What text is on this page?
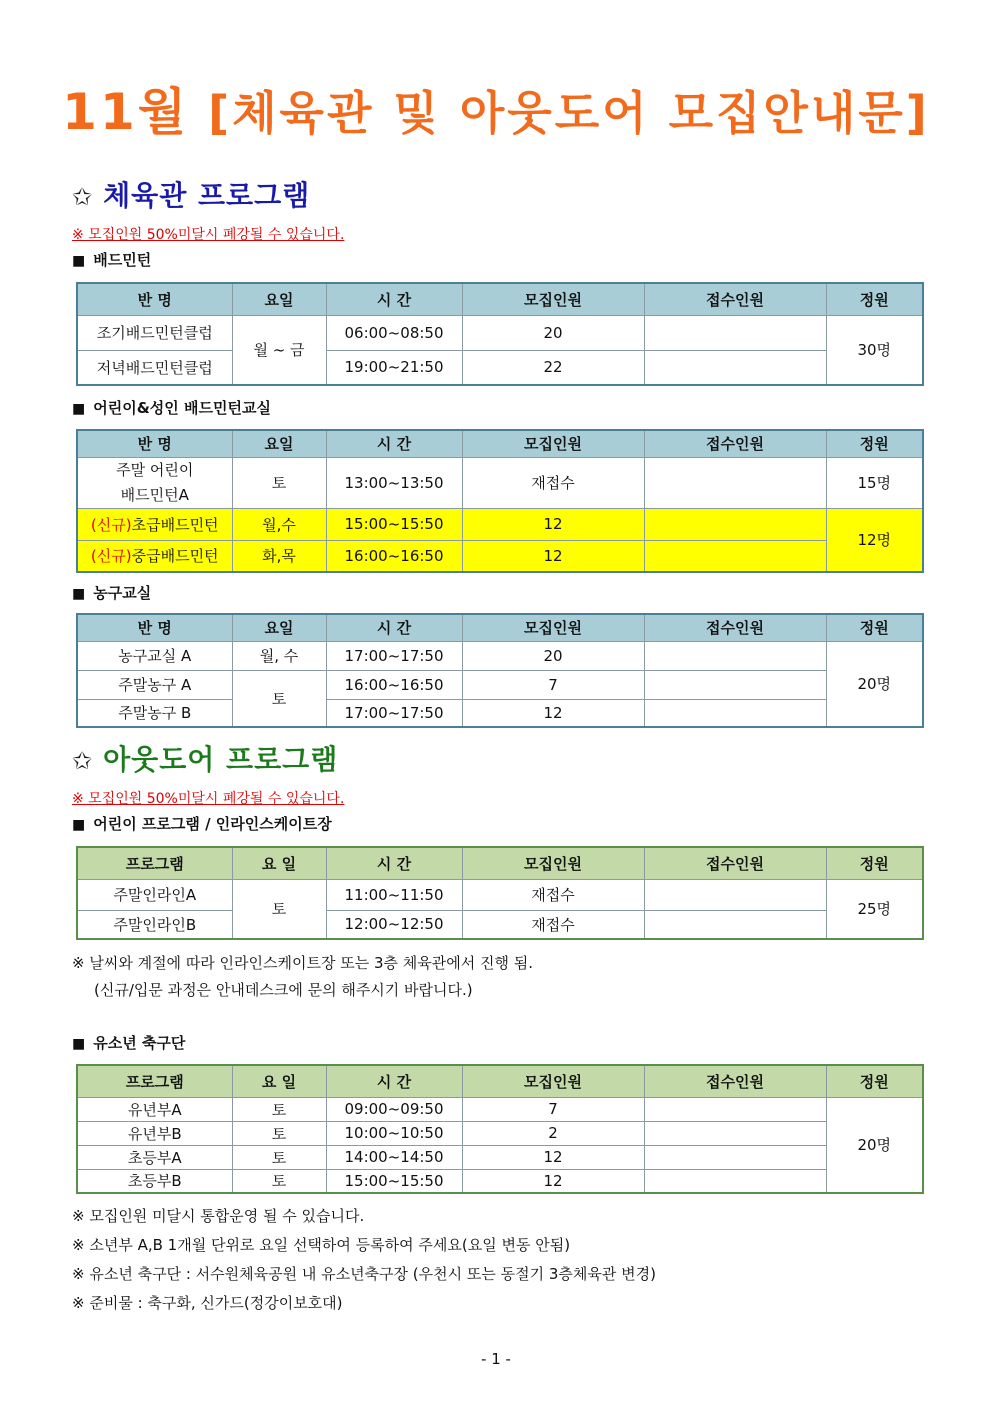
11월 [체육관 및 아웃도어 모집안내문]
✩ 체육관 프로그램
※ 모집인원 50%미달시 폐강될 수 있습니다.
■ 배드민턴
반 명	요일	시 간	모집인원	접수인원	정원
조기배드민턴클럽	월 ~ 금	06:00~08:50	20		30명
저녁배드민턴클럽		19:00~21:50	22		
■ 어린이&성인 배드민턴교실
반 명	요일	시 간	모집인원	접수인원	정원

주말 어린이
배드민턴A	토	13:00~13:50	재접수		15명
(신규)초급배드민턴	월,수	15:00~15:50	12		12명
(신규)중급배드민턴	화,목	16:00~16:50	12		
■ 농구교실
반 명	요일	시 간	모집인원	접수인원	정원
농구교실 A	월, 수	17:00~17:50	20		20명
주말농구 A	토	16:00~16:50	7		
주말농구 B		17:00~17:50	12		
✩ 아웃도어 프로그램
※ 모집인원 50%미달시 폐강될 수 있습니다.
■ 어린이 프로그램 / 인라인스케이트장
프로그램	요 일	시 간	모집인원	접수인원	정원
주말인라인A	토	11:00~11:50	재접수		25명
주말인라인B		12:00~12:50	재접수		
※ 날씨와 계절에 따라 인라인스케이트장 또는 3층 체육관에서 진행 됨.
(신규/입문 과정은 안내데스크에 문의 해주시기 바랍니다.)
■ 유소년 축구단
프로그램	요 일	시 간	모집인원	접수인원	정원
유년부A	토	09:00~09:50	7		20명
유년부B	토	10:00~10:50	2		
초등부A	토	14:00~14:50	12		
초등부B	토	15:00~15:50	12		
※ 모집인원 미달시 통합운영 될 수 있습니다.
※ 소년부 A,B 1개월 단위로 요일 선택하여 등록하여 주세요(요일 변동 안됨)
※ 유소년 축구단 : 서수원체육공원 내 유소년축구장 (우천시 또는 동절기 3층체육관 변경)
※ 준비물 : 축구화, 신가드(정강이보호대)
- 1 -
